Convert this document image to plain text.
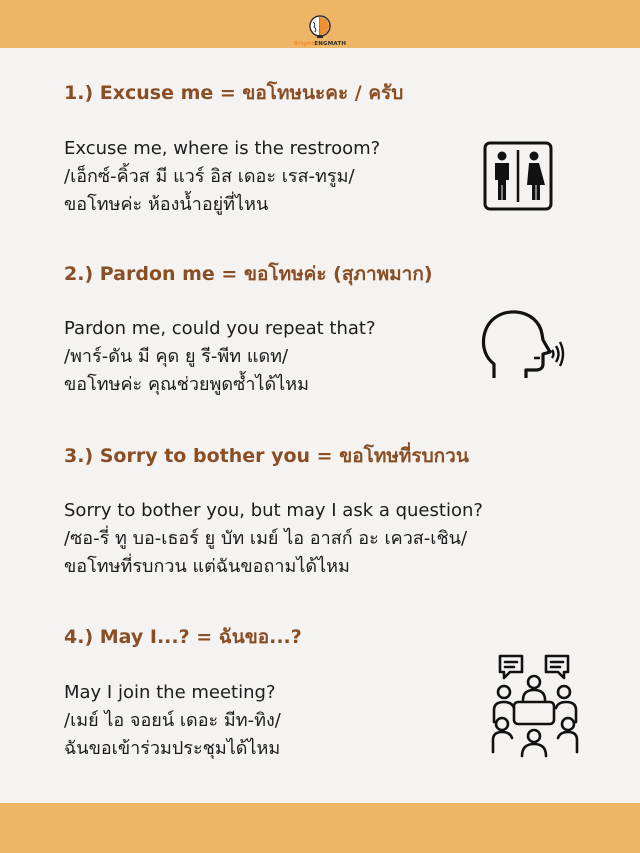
BrightENGMATH
1.) Excuse me = ขอโทษนะคะ / ครับ
Excuse me, where is the restroom?
/เอ็กซ์-คิ้วส มี แวร์ อิส เดอะ เรส-ทรูม/
ขอโทษค่ะ ห้องน้ำอยู่ที่ไหน
2.) Pardon me = ขอโทษค่ะ (สุภาพมาก)
Pardon me, could you repeat that?
/พาร์-ดัน มี คุด ยู รี-พีท แดท/
ขอโทษค่ะ คุณช่วยพูดซ้ำได้ไหม
3.) Sorry to bother you = ขอโทษที่รบกวน
Sorry to bother you, but may I ask a question?
/ซอ-รี่ ทู บอ-เธอร์ ยู บัท เมย์ ไอ อาสก์ อะ เควส-เชิน/
ขอโทษที่รบกวน แต่ฉันขอถามได้ไหม
4.) May I...? = ฉันขอ...?
May I join the meeting?
/เมย์ ไอ จอยน์ เดอะ มีท-ทิง/
ฉันขอเข้าร่วมประชุมได้ไหม
